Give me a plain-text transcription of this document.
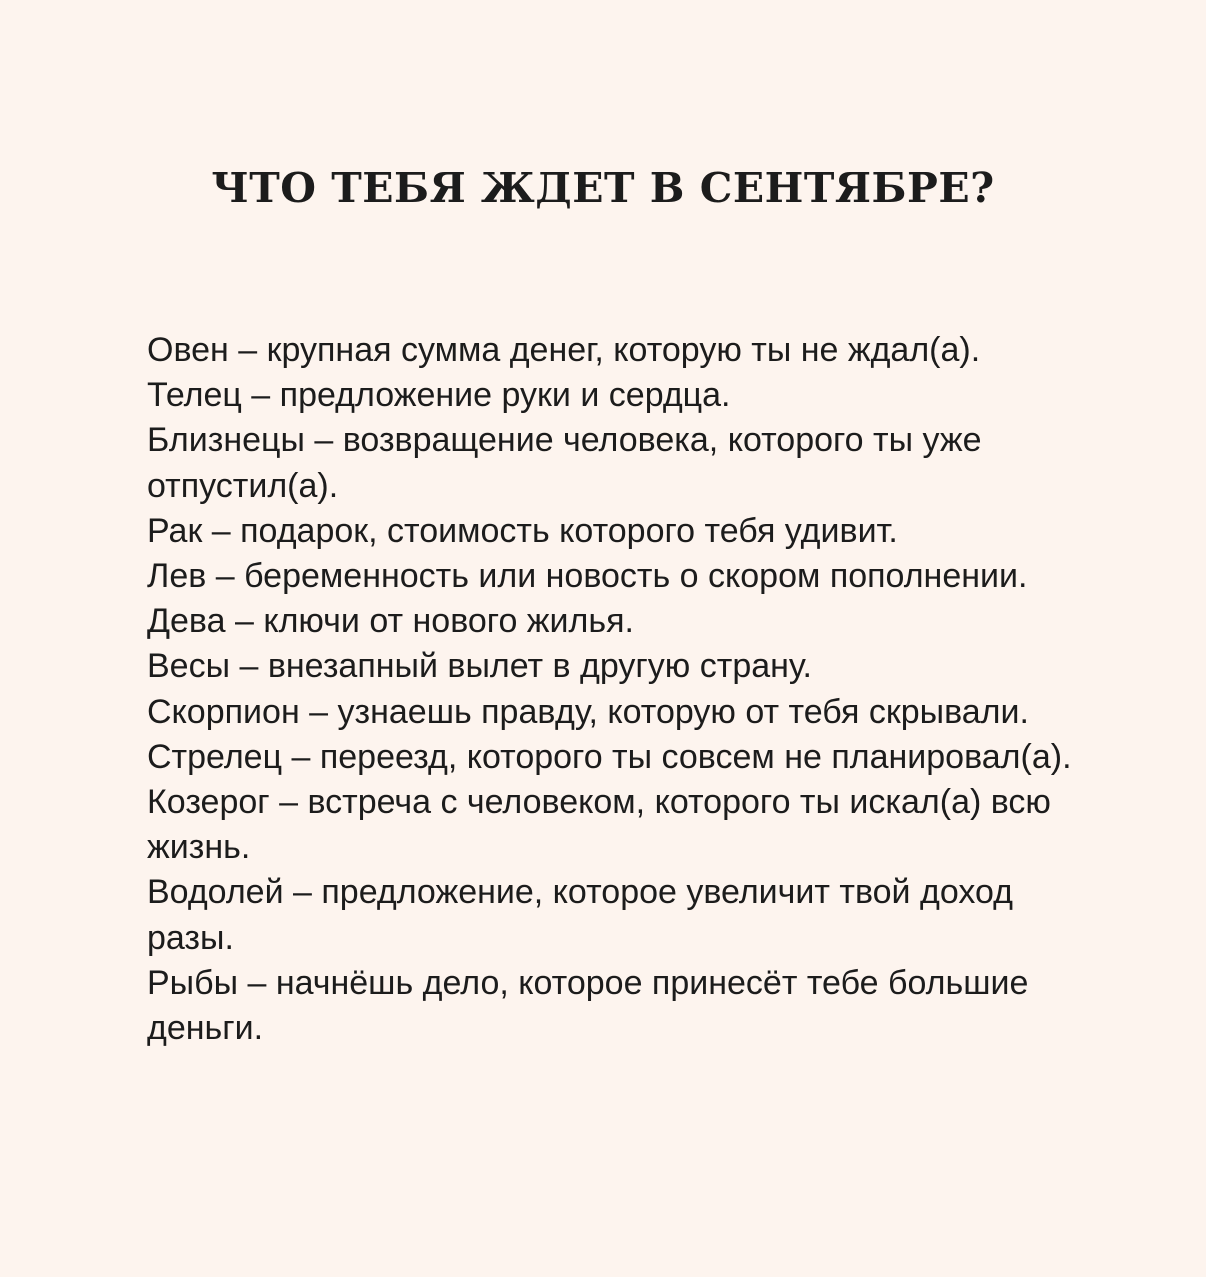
ЧТО ТЕБЯ ЖДЕТ В СЕНТЯБРЕ?
Овен – крупная сумма денег, которую ты не ждал(а).
Телец – предложение руки и сердца.
Близнецы – возвращение человека, которого ты уже отпустил(а).
Рак – подарок, стоимость которого тебя удивит.
Лев – беременность или новость о скором пополнении.
Дева – ключи от нового жилья.
Весы – внезапный вылет в другую страну.
Скорпион – узнаешь правду, которую от тебя скрывали.
Стрелец – переезд, которого ты совсем не планировал(а).
Козерог – встреча с человеком, которого ты искал(а) всю жизнь.
Водолей – предложение, которое увеличит твой доход разы.
Рыбы – начнёшь дело, которое принесёт тебе большие деньги.
